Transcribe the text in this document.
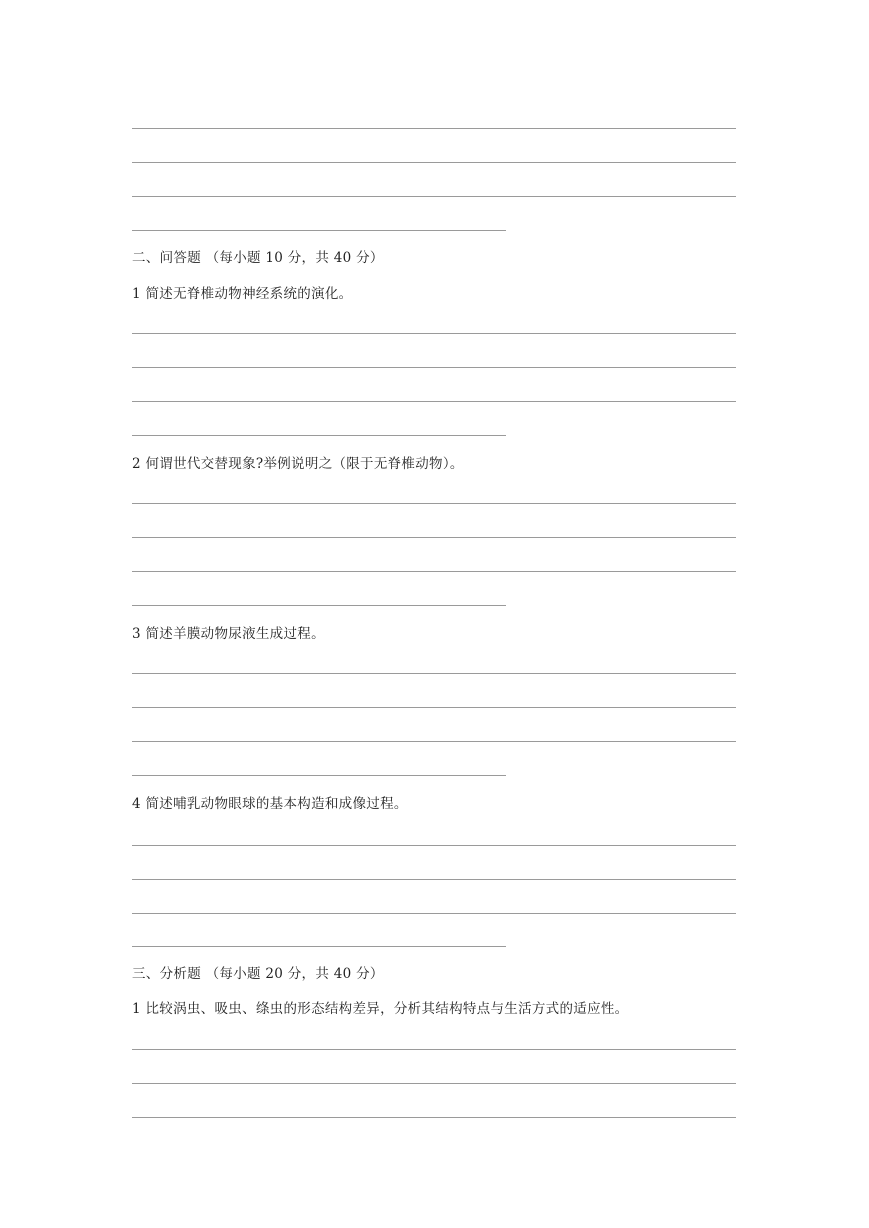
二、问答题 （每小题 10 分，共 40 分）
1 简述无脊椎动物神经系统的演化。
2 何谓世代交替现象?举例说明之（限于无脊椎动物）。
3 简述羊膜动物尿液生成过程。
4 简述哺乳动物眼球的基本构造和成像过程。
三、分析题 （每小题 20 分，共 40 分）
1 比较涡虫、吸虫、绦虫的形态结构差异，分析其结构特点与生活方式的适应性。
